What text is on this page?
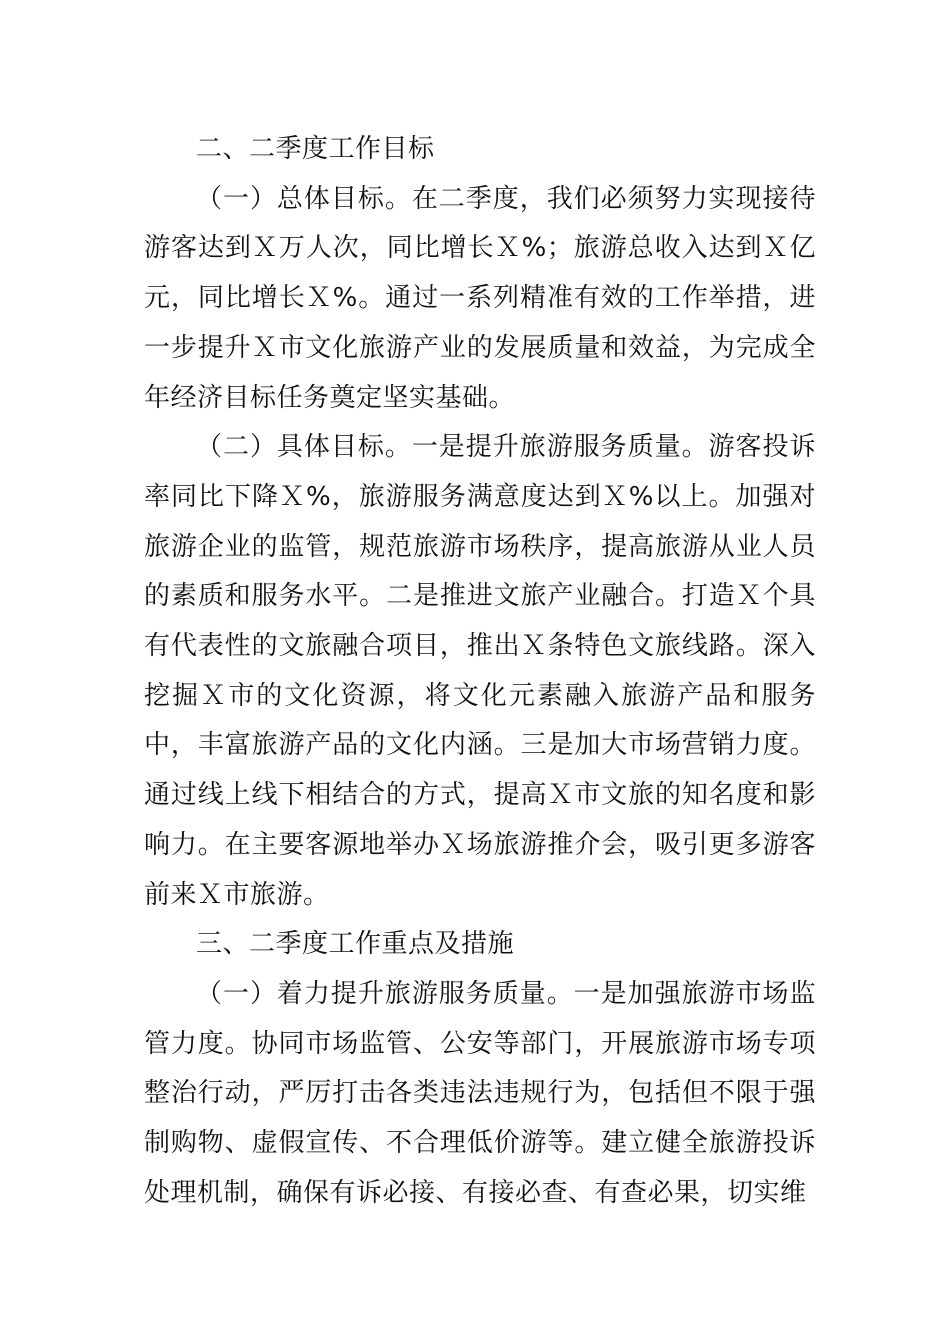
二、二季度工作目标

（一）总体目标。在二季度，我们必须努力实现接待游客达到Ｘ万人次，同比增长Ｘ%；旅游总收入达到Ｘ亿元，同比增长Ｘ%。通过一系列精准有效的工作举措，进一步提升Ｘ市文化旅游产业的发展质量和效益，为完成全年经济目标任务奠定坚实基础。

（二）具体目标。一是提升旅游服务质量。游客投诉率同比下降Ｘ%，旅游服务满意度达到Ｘ%以上。加强对旅游企业的监管，规范旅游市场秩序，提高旅游从业人员的素质和服务水平。二是推进文旅产业融合。打造Ｘ个具有代表性的文旅融合项目，推出Ｘ条特色文旅线路。深入挖掘Ｘ市的文化资源，将文化元素融入旅游产品和服务中，丰富旅游产品的文化内涵。三是加大市场营销力度。通过线上线下相结合的方式，提高Ｘ市文旅的知名度和影响力。在主要客源地举办Ｘ场旅游推介会，吸引更多游客前来Ｘ市旅游。

三、二季度工作重点及措施

（一）着力提升旅游服务质量。一是加强旅游市场监管力度。协同市场监管、公安等部门，开展旅游市场专项整治行动，严厉打击各类违法违规行为，包括但不限于强制购物、虚假宣传、不合理低价游等。建立健全旅游投诉处理机制，确保有诉必接、有接必查、有查必果，切实维
